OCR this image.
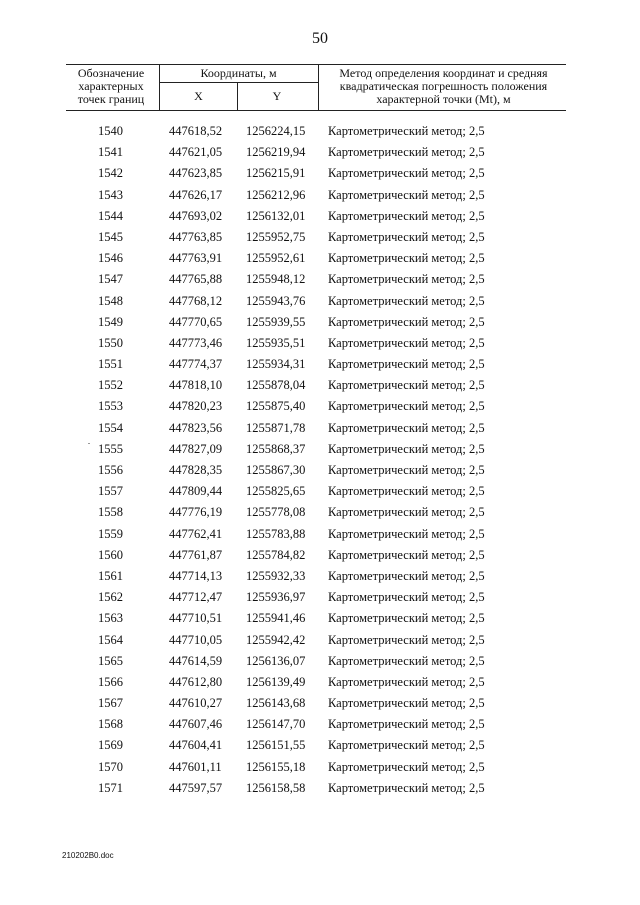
50
Обозначение характерных точек границ
Координаты, м
X	Y
Метод определения координат и средняя квадратическая погрешность положения характерной точки (Mt), м
1540	447618,52 1256224,15 Картометрический метод; 2,5
1541	447621,05 1256219,94 Картометрический метод; 2,5
1542	447623,85 1256215,91 Картометрический метод; 2,5
1543	447626,17 1256212,96 Картометрический метод; 2,5
1544	447693,02 1256132,01 Картометрический метод; 2,5
1545	447763,85 1255952,75 Картометрический метод; 2,5
1546	447763,91 1255952,61 Картометрический метод; 2,5
1547	447765,88 1255948,12 Картометрический метод; 2,5
1548	447768,12 1255943,76 Картометрический метод; 2,5
1549	447770,65 1255939,55 Картометрический метод; 2,5
1550	447773,46 1255935,51 Картометрический метод; 2,5
1551	447774,37 1255934,31 Картометрический метод; 2,5
1552	447818,10 1255878,04 Картометрический метод; 2,5
1553	447820,23 1255875,40 Картометрический метод; 2,5
1554	447823,56 1255871,78 Картометрический метод; 2,5
1555	447827,09 1255868,37 Картометрический метод; 2,5
1556	447828,35 1255867,30 Картометрический метод; 2,5
1557	447809,44 1255825,65 Картометрический метод; 2,5
1558	447776,19 1255778,08 Картометрический метод; 2,5
1559	447762,41 1255783,88 Картометрический метод; 2,5
1560	447761,87 1255784,82 Картометрический метод; 2,5
1561	447714,13 1255932,33 Картометрический метод; 2,5
1562	447712,47 1255936,97 Картометрический метод; 2,5
1563	447710,51 1255941,46 Картометрический метод; 2,5
1564	447710,05 1255942,42 Картометрический метод; 2,5
1565	447614,59 1256136,07 Картометрический метод; 2,5
1566	447612,80 1256139,49 Картометрический метод; 2,5
1567	447610,27 1256143,68 Картометрический метод; 2,5
1568	447607,46 1256147,70 Картометрический метод; 2,5
1569	447604,41 1256151,55 Картометрический метод; 2,5
1570	447601,11 1256155,18 Картометрический метод; 2,5
1571	447597,57 1256158,58 Картометрический метод; 2,5
210202B0.doc
